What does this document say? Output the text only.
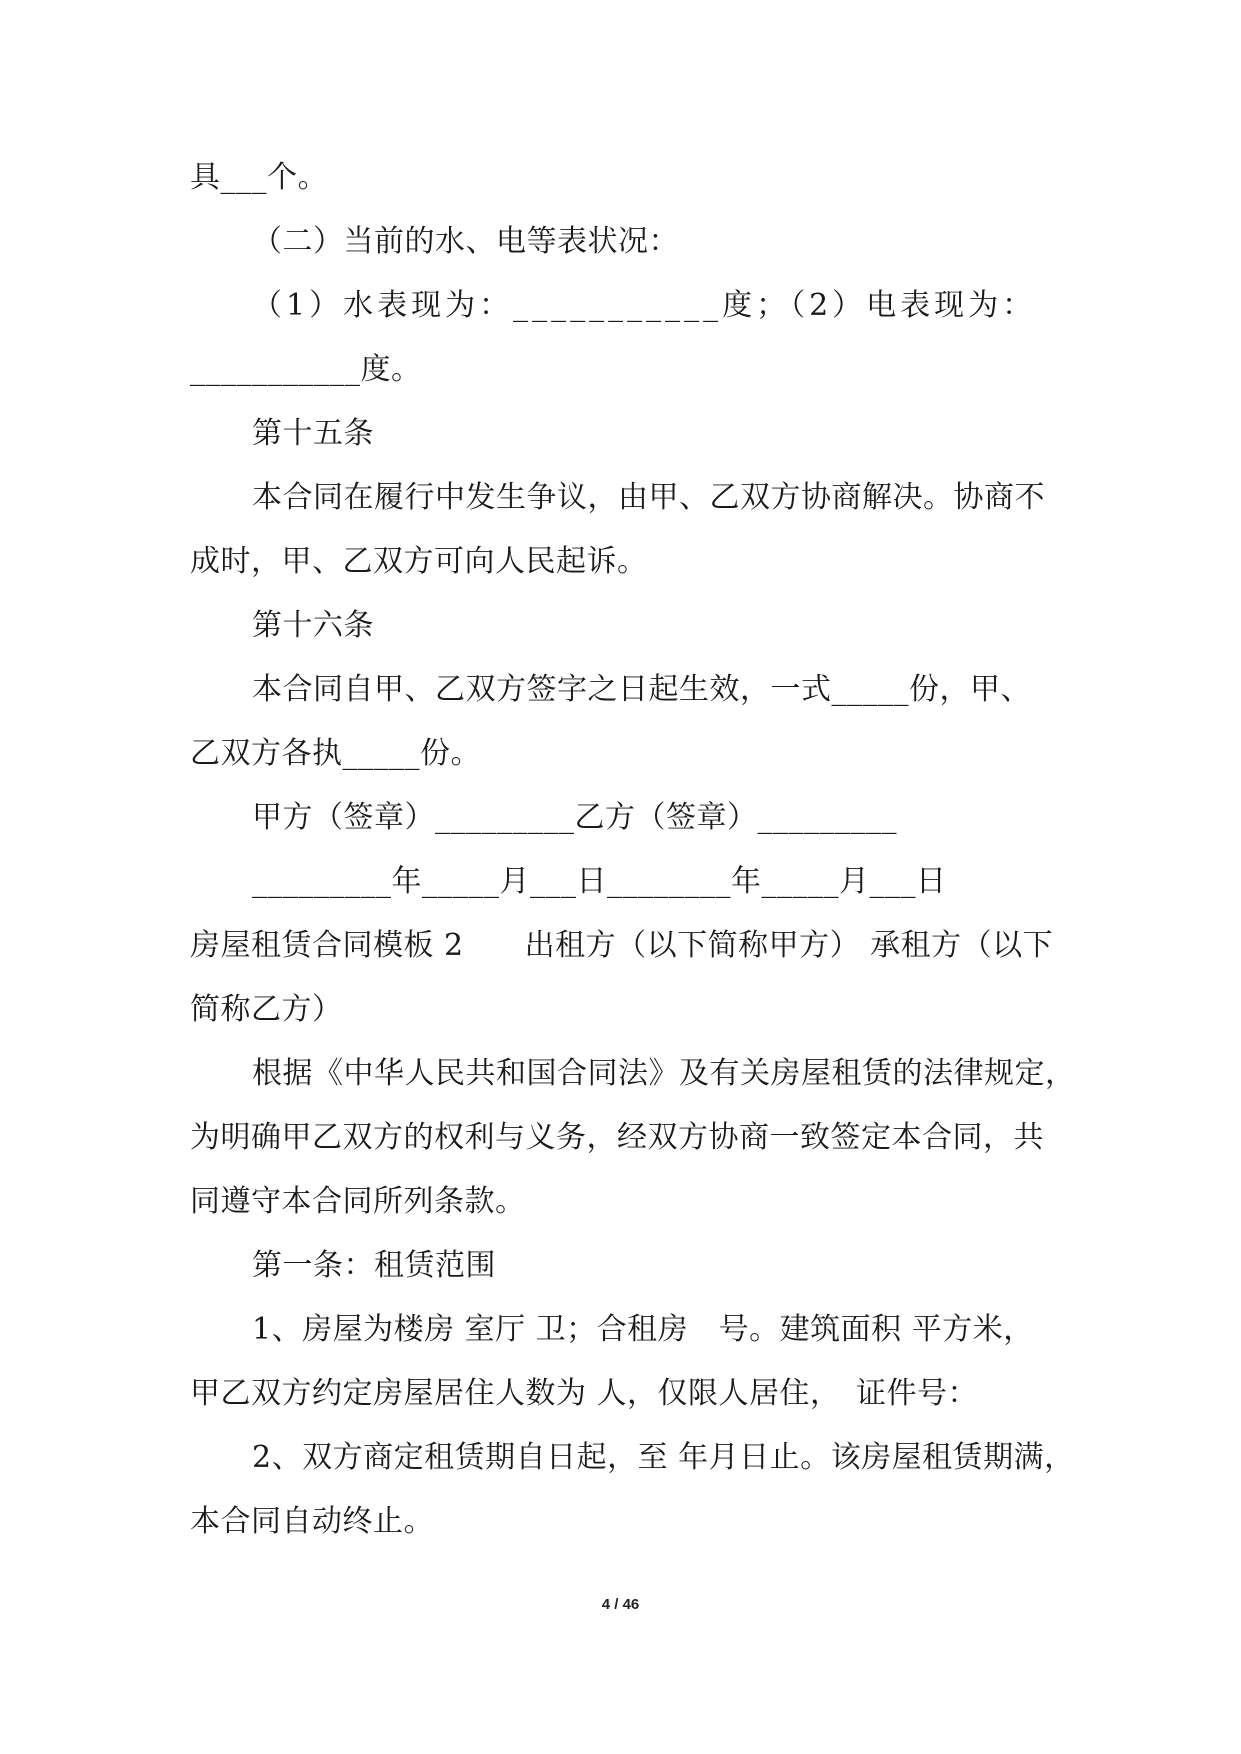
具___个。
（二）当前的水、电等表状况：
（1）水表现为：___________度；（2）电表现为：
___________度。
第十五条
本合同在履行中发生争议，由甲、乙双方协商解决。协商不
成时，甲、乙双方可向人民起诉。
第十六条
本合同自甲、乙双方签字之日起生效，一式_____份，甲、
乙双方各执_____份。
甲方（签章）_________乙方（签章）_________
_________年_____月___日________年_____月___日
房屋租赁合同模板 2　　出租方（以下简称甲方） 承租方（以下
简称乙方）
根据《中华人民共和国合同法》及有关房屋租赁的法律规定，
为明确甲乙双方的权利与义务，经双方协商一致签定本合同，共
同遵守本合同所列条款。
第一条：租赁范围
1、房屋为楼房 室厅 卫；合租房　号。建筑面积 平方米，
甲乙双方约定房屋居住人数为 人，仅限人居住，　证件号：
2、双方商定租赁期自日起，至 年月日止。该房屋租赁期满，
本合同自动终止。
4 / 46
